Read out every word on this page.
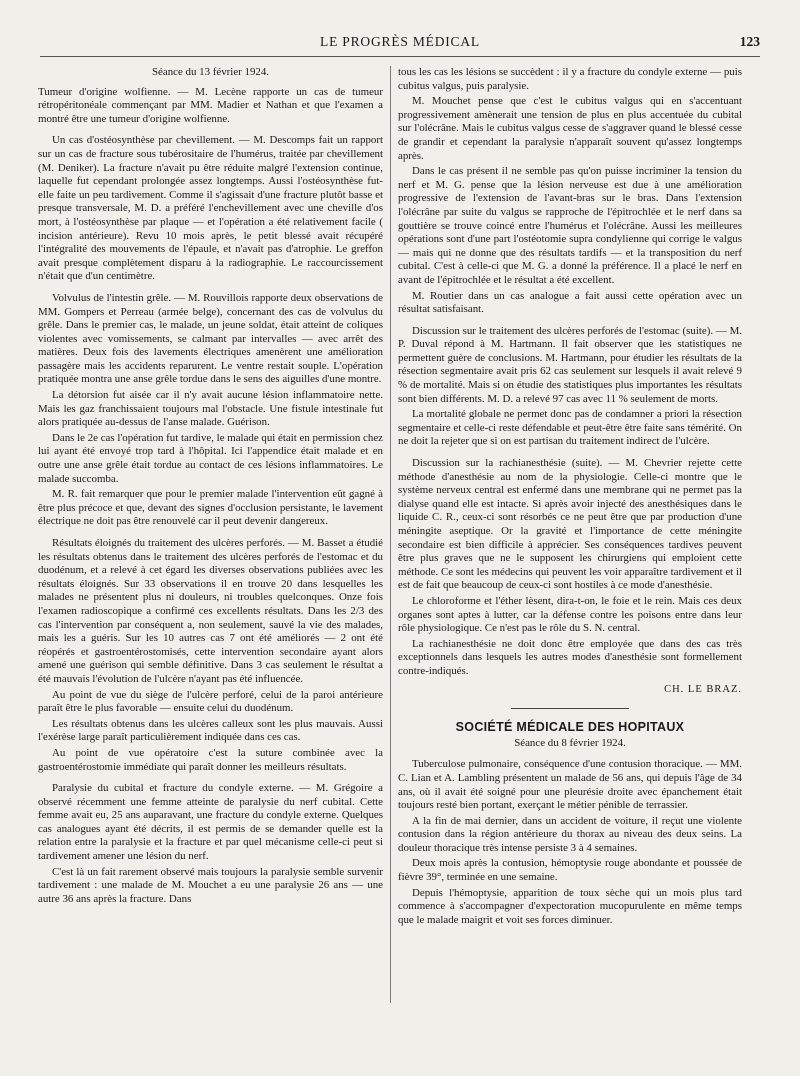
LE PROGRÈS MÉDICAL	123
Séance du 13 février 1924.

Tumeur d'origine wolfienne. — M. Lecène rapporte un cas de tumeur rétropéritonéale commençant par MM. Madier et Nathan et que l'examen a montré être une tumeur d'origine wolfienne.

Un cas d'ostéosynthèse par chevillement. — M. Descomps fait un rapport sur un cas de fracture sous tubérositaire de l'humérus, traitée par chevillement (M. Deniker). La fracture n'avait pu être réduite malgré l'extension continue, laquelle fut cependant prolongée assez longtemps. Aussi l'ostéosynthèse fut-elle faite un peu tardivement. Comme il s'agissait d'une fracture plutôt basse et presque transversale, M. D. a préféré l'enchevillement avec une cheville d'os mort, à l'ostéosynthèse par plaque — et l'opération a été relativement facile ( incision antérieure). Revu 10 mois après, le petit blessé avait récupéré l'intégralité des mouvements de l'épaule, et n'avait pas d'atrophie. Le greffon avait presque complètement disparu à la radiographie. Le raccourcissement n'était que d'un centimètre.

Volvulus de l'intestin grêle. — M. Rouvillois rapporte deux observations de MM. Gompers et Perreau (armée belge), concernant des cas de volvulus du grêle. Dans le premier cas, le malade, un jeune soldat, était atteint de coliques violentes avec vomissements, se calmant par intervalles — avec arrêt des matières. Deux fois des lavements électriques amenèrent une amélioration passagère mais les accidents reparurent. Le ventre restait souple. L'opération pratiquée montra une anse grêle tordue dans le sens des aiguilles d'une montre.

La détorsion fut aisée car il n'y avait aucune lésion inflammatoire nette. Mais les gaz franchissaient toujours mal l'obstacle. Une fistule intestinale fut alors pratiquée au-dessus de l'anse malade. Guérison.

Dans le 2e cas l'opération fut tardive, le malade qui était en permission chez lui ayant été envoyé trop tard à l'hôpital. Ici l'appendice était malade et en outre une anse grêle était tordue au contact de ces lésions inflammatoires. Le malade succomba.

M. R. fait remarquer que pour le premier malade l'intervention eût gagné à être plus précoce et que, devant des signes d'occlusion persistante, le lavement électrique ne doit pas être renouvelé car il peut devenir dangereux.

Résultats éloignés du traitement des ulcères perforés. — M. Basset a étudié les résultats obtenus dans le traitement des ulcères perforés de l'estomac et du duodénum, et a relevé à cet égard les diverses observations publiées avec les résultats éloignés. Sur 33 observations il en trouve 20 dans lesquelles les malades ne présentent plus ni douleurs, ni troubles quelconques. Onze fois l'examen radioscopique a confirmé ces excellents résultats. Dans les 2/3 des cas l'intervention par conséquent a, non seulement, sauvé la vie des malades, mais les a guéris. Sur les 10 autres cas 7 ont été améliorés — 2 ont été réopérés et gastroentérostomisés, cette intervention secondaire ayant alors amené une guérison qui semble définitive. Dans 3 cas seulement le résultat a été mauvais l'évolution de l'ulcère n'ayant pas été influencée.

Au point de vue du siège de l'ulcère perforé, celui de la paroi antérieure paraît être le plus favorable — ensuite celui du duodénum.

Les résultats obtenus dans les ulcères calleux sont les plus mauvais. Aussi l'exérèse large paraît particulièrement indiquée dans ces cas.

Au point de vue opératoire c'est la suture combinée avec la gastroentérostomie immédiate qui paraît donner les meilleurs résultats.

Paralysie du cubital et fracture du condyle externe. — M. Grégoire a observé récemment une femme atteinte de paralysie du nerf cubital. Cette femme avait eu, 25 ans auparavant, une fracture du condyle externe. Quelques cas analogues ayant été décrits, il est permis de se demander quelle est la relation entre la paralysie et la fracture et par quel mécanisme celle-ci peut si tardivement amener une lésion du nerf.

C'est là un fait rarement observé mais toujours la paralysie semble survenir tardivement : une malade de M. Mouchet a eu une paralysie 26 ans — une autre 36 ans après la fracture. Dans

tous les cas les lésions se succèdent : il y a fracture du condyle externe — puis cubitus valgus, puis paralysie.

M. Mouchet pense que c'est le cubitus valgus qui en s'accentuant progressivement amènerait une tension de plus en plus accentuée du cubital sur l'olécrâne. Mais le cubitus valgus cesse de s'aggraver quand le blessé cesse de grandir et cependant la paralysie n'apparaît souvent qu'assez longtemps après.

Dans le cas présent il ne semble pas qu'on puisse incriminer la tension du nerf et M. G. pense que la lésion nerveuse est due à une amélioration progressive de l'extension de l'avant-bras sur le bras. Dans l'extension l'olécrâne par suite du valgus se rapproche de l'épitrochlée et le nerf dans sa gouttière se trouve coincé entre l'humérus et l'olécrâne. Aussi les meilleures opérations sont d'une part l'ostéotomie supra condylienne qui corrige le valgus — mais qui ne donne que des résultats tardifs — et la transposition du nerf cubital. C'est à celle-ci que M. G. a donné la préférence. Il a placé le nerf en avant de l'épitrochlée et le résultat a été excellent.

M. Routier dans un cas analogue a fait aussi cette opération avec un résultat satisfaisant.

Discussion sur le traitement des ulcères perforés de l'estomac (suite). — M. P. Duval répond à M. Hartmann. Il fait observer que les statistiques ne permettent guère de conclusions. M. Hartmann, pour étudier les résultats de la résection segmentaire avait pris 62 cas seulement sur lesquels il avait relevé 9 % de mortalité. Mais si on étudie des statistiques plus importantes les résultats sont bien différents. M. D. a relevé 97 cas avec 11 % seulement de morts.

La mortalité globale ne permet donc pas de condamner a priori la résection segmentaire et celle-ci reste défendable et peut-être être faite sans témérité. On ne doit la rejeter que si on est partisan du traitement indirect de l'ulcère.

Discussion sur la rachianesthésie (suite). — M. Chevrier rejette cette méthode d'anesthésie au nom de la physiologie. Celle-ci montre que le système nerveux central est enfermé dans une membrane qui ne permet pas la dialyse quand elle est intacte. Si après avoir injecté des anesthésiques dans le liquide C. R., ceux-ci sont résorbés ce ne peut être que par production d'une méningite aseptique. Or la gravité et l'importance de cette méningite secondaire est bien difficile à apprécier. Ses conséquences tardives peuvent être plus graves que ne le supposent les chirurgiens qui emploient cette méthode. Ce sont les médecins qui peuvent les voir apparaître tardivement et il est de fait que beaucoup de ceux-ci sont hostiles à ce mode d'anesthésie.

Le chloroforme et l'éther lèsent, dira-t-on, le foie et le rein. Mais ces deux organes sont aptes à lutter, car la défense contre les poisons entre dans leur rôle physiologique. Ce n'est pas le rôle du S. N. central.

La rachianesthésie ne doit donc être employée que dans des cas très exceptionnels dans lesquels les autres modes d'anesthésie sont formellement contre-indiqués.

CH. LE BRAZ.
SOCIÉTÉ MÉDICALE DES HOPITAUX
Séance du 8 février 1924.

Tuberculose pulmonaire, conséquence d'une contusion thoracique. — MM. C. Lian et A. Lambling présentent un malade de 56 ans, qui depuis l'âge de 34 ans, où il avait été soigné pour une pleurésie droite avec épanchement était toujours resté bien portant, exerçant le métier pénible de terrassier.

A la fin de mai dernier, dans un accident de voiture, il reçut une violente contusion dans la région antérieure du thorax au niveau des deux seins. La douleur thoracique très intense persiste 3 à 4 semaines.

Deux mois après la contusion, hémoptysie rouge abondante et poussée de fièvre 39°, terminée en une semaine.

Depuis l'hémoptysie, apparition de toux sèche qui un mois plus tard commence à s'accompagner d'expectoration mucopurulente en même temps que le malade maigrit et voit ses forces diminuer.
